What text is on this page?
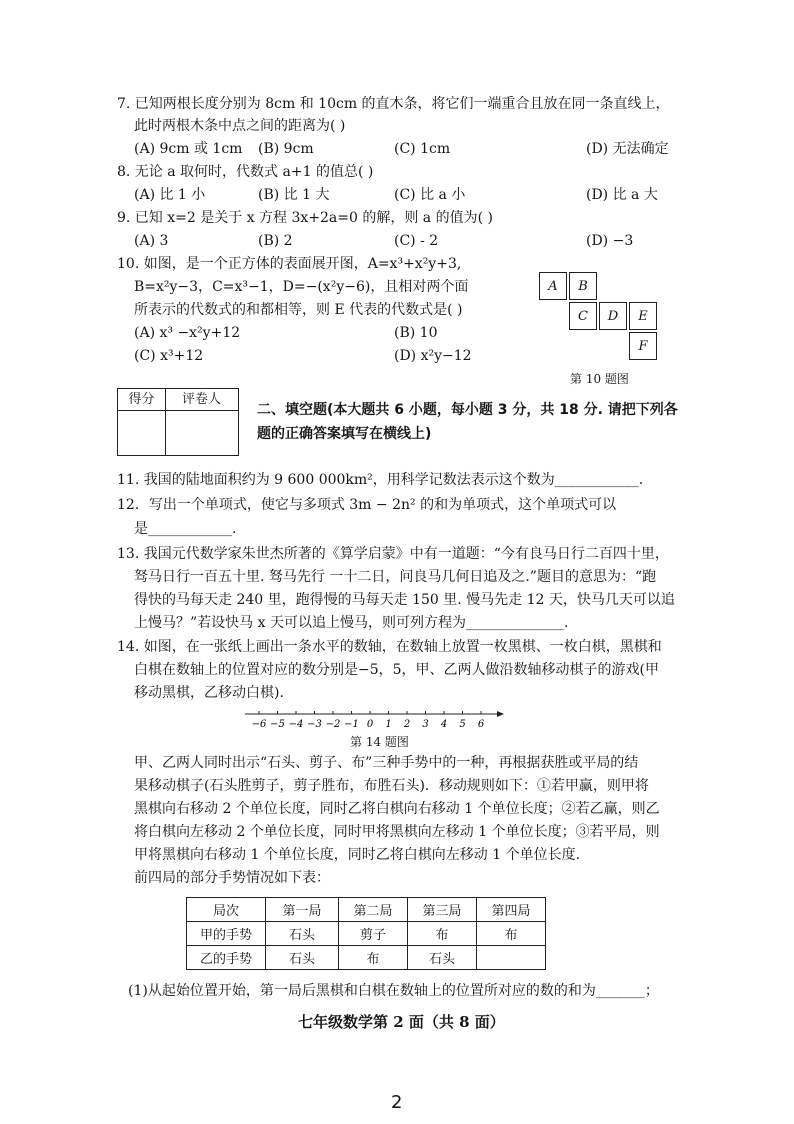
7. 已知两根长度分别为 8cm 和 10cm 的直木条，将它们一端重合且放在同一条直线上，
此时两根木条中点之间的距离为( )
(A) 9cm 或 1cm (B) 9cm	(C) 1cm	(D) 无法确定
8. 无论 a 取何时，代数式 a+1 的值总( )
(A) 比 1 小	(B) 比 1 大	(C) 比 a 小	(D) 比 a 大
9. 已知 x=2 是关于 x 方程 3x+2a=0 的解，则 a 的值为( )
(A) 3	(B) 2	(C) - 2	(D) −3
10. 如图，是一个正方体的表面展开图，A=x³+x²y+3,
B=x²y−3，C=x³−1，D=−(x²y−6)，且相对两个面
所表示的代数式的和都相等，则 E 代表的代数式是( )
(A) x³ −x²y+12	(B) 10
(C) x³+12	(D) x²y−12
A	B
C	D	E
F
第 10 题图
得分	评卷人
二、填空题(本大题共 6 小题，每小题 3 分，共 18 分. 请把下列各
题的正确答案填写在横线上)
11. 我国的陆地面积约为 9 600 000km²，用科学记数法表示这个数为____________.
12．写出一个单项式，使它与多项式 3m − 2n² 的和为单项式，这个单项式可以
是____________.
13. 我国元代数学家朱世杰所著的《算学启蒙》中有一道题：“今有良马日行二百四十里，
驽马日行一百五十里. 驽马先行 一十二日，问良马几何日追及之.”题目的意思为：“跑
得快的马每天走 240 里，跑得慢的马每天走 150 里. 慢马先走 12 天，快马几天可以追
上慢马？”若设快马 x 天可以追上慢马，则可列方程为______________.
14. 如图，在一张纸上画出一条水平的数轴，在数轴上放置一枚黑棋、一枚白棋，黑棋和
白棋在数轴上的位置对应的数分别是−5，5，甲、乙两人做沿数轴移动棋子的游戏(甲
移动黑棋，乙移动白棋).
−6 −5 −4 −3 −2 −1 0 1 2 3 4 5 6
第 14 题图
甲、乙两人同时出示“石头、剪子、布”三种手势中的一种，再根据获胜或平局的结
果移动棋子(石头胜剪子，剪子胜布，布胜石头)．移动规则如下：①若甲赢，则甲将
黑棋向右移动 2 个单位长度，同时乙将白棋向右移动 1 个单位长度；②若乙赢，则乙
将白棋向左移动 2 个单位长度，同时甲将黑棋向左移动 1 个单位长度；③若平局，则
甲将黑棋向右移动 1 个单位长度，同时乙将白棋向左移动 1 个单位长度.
前四局的部分手势情况如下表：
局次	第一局	第二局	第三局	第四局
甲的手势	石头	剪子	布	布
乙的手势	石头	布	石头	
(1)从起始位置开始，第一局后黑棋和白棋在数轴上的位置所对应的数的和为_______；
七年级数学第 2 面（共 8 面）
2
